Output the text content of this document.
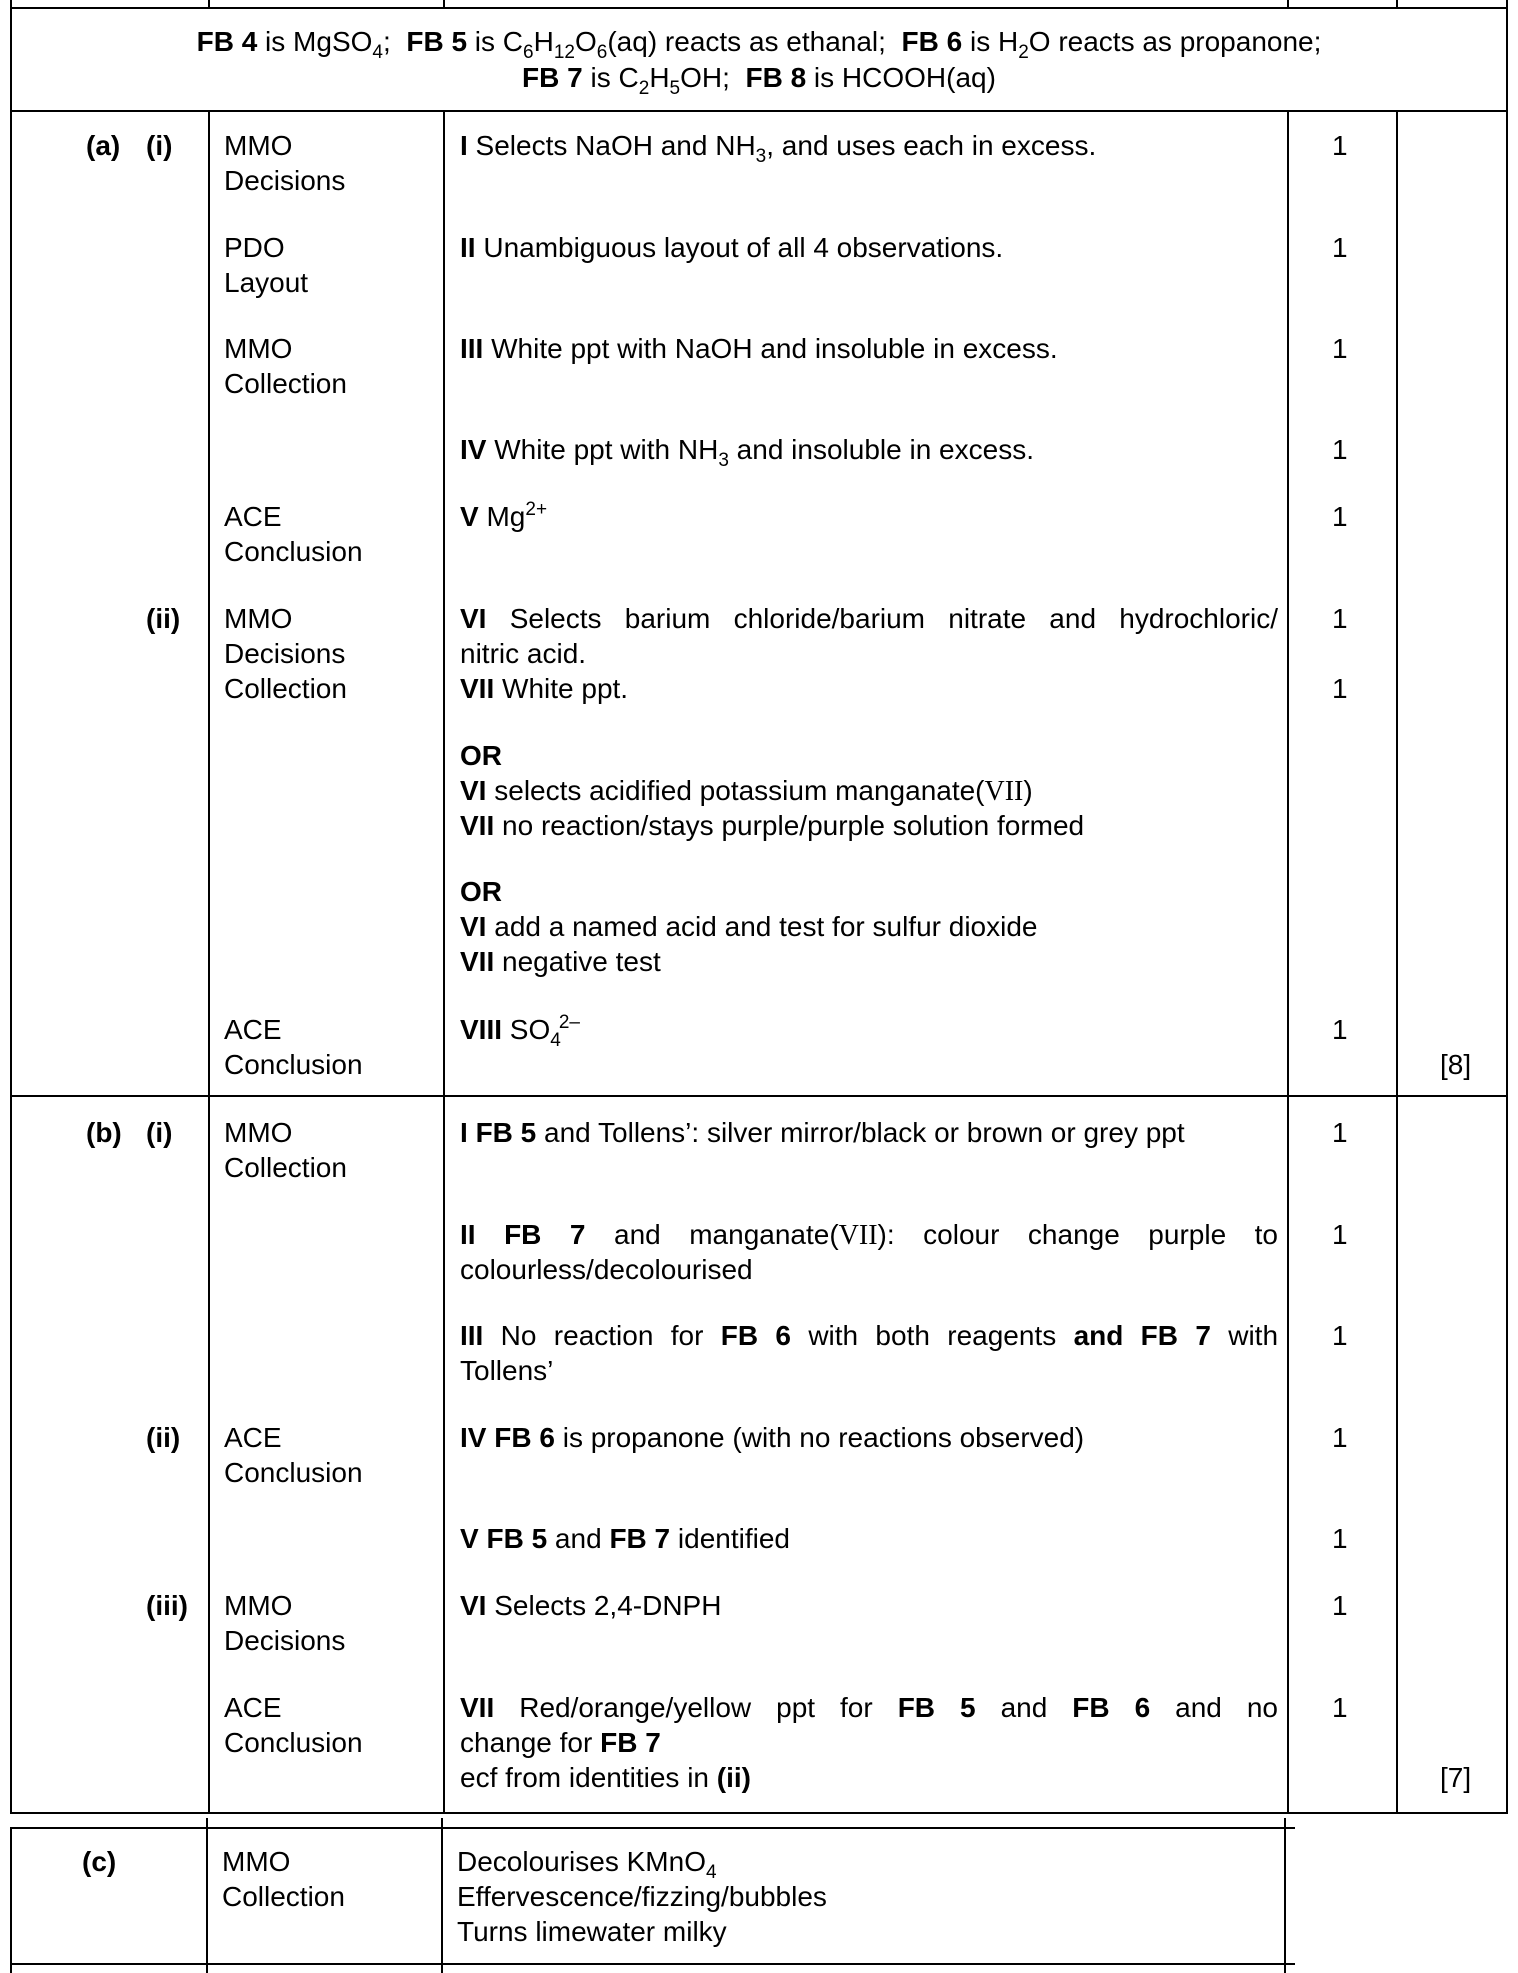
FB 4 is MgSO$_4$;  FB 5 is $C_6H_{12}O_6(aq)$ reacts as ethanal; FB 6 is $H_2O$ reacts as propanone;
FB 7 is $C_2H_5OH$; FB 8 is HCOOH(aq)
(a) (i)
(ii)
MMO
Decisions
PDO
Layout
MMO
Collection
ACE
Conclusion
MMO
Decisions
Collection
ACE
Conclusion
I Selects NaOH and $NH_3$, and uses each in excess.
II Unambiguous layout of all 4 observations.
III White ppt with NaOH and insoluble in excess.
IV White ppt with $NH_3$ and insoluble in excess.
V $Mg^{2+}$
VI Selects barium chloride/barium nitrate and hydrochloric/
nitric acid.
VII White ppt.
OR
VI selects acidified potassium manganate(VII)
VII no reaction/stays purple/purple solution formed
OR
VI add a named acid and test for sulfur dioxide
VII negative test
VIII $SO_4^{2-}$
1
1
1
1
1
1
1
1
[8]
(b) (i)
(ii)
(iii)
MMO
Collection
ACE
Conclusion
MMO
Decisions
ACE
Conclusion
I FB 5 and Tollens’: silver mirror/black or brown or grey ppt
II FB 7 and manganate(VII): colour change purple to
colourless/decolourised
III No reaction for FB 6 with both reagents and FB 7 with
Tollens’
IV FB 6 is propanone (with no reactions observed)
V FB 5 and FB 7 identified
VI Selects 2,4-DNPH
VII Red/orange/yellow ppt for FB 5 and FB 6 and no
change for FB 7
ecf from identities in (ii)
1
1
1
1
1
1
1
[7]
(c)	MMO
Collection
Decolourises KMnO$_4$
Effervescence/fizzing/bubbles
Turns limewater milky
